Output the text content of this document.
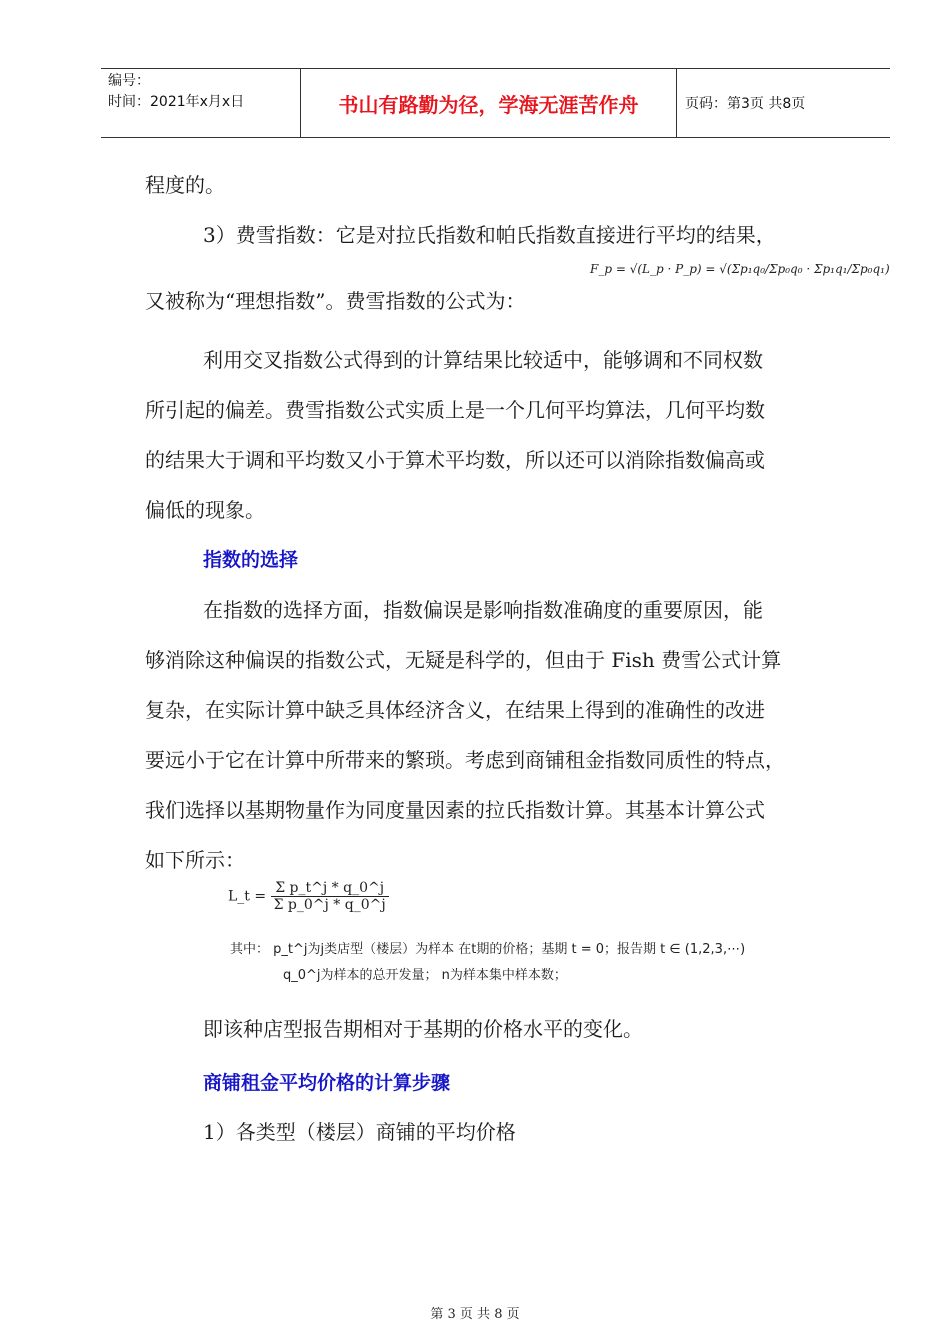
编号：
时间：2021年x月x日	书山有路勤为径，学海无涯苦作舟	页码：第3页 共8页
程度的。
3）费雪指数：它是对拉氏指数和帕氏指数直接进行平均的结果，
又被称为“理想指数”。费雪指数的公式为：
F_p = √(L_p · P_p) = √(Σp₁q₀/Σp₀q₀ · Σp₁q₁/Σp₀q₁)
利用交叉指数公式得到的计算结果比较适中，能够调和不同权数
所引起的偏差。费雪指数公式实质上是一个几何平均算法，几何平均数
的结果大于调和平均数又小于算术平均数，所以还可以消除指数偏高或
偏低的现象。
指数的选择
在指数的选择方面，指数偏误是影响指数准确度的重要原因，能
够消除这种偏误的指数公式，无疑是科学的，但由于 Fish 费雪公式计算
复杂，在实际计算中缺乏具体经济含义，在结果上得到的准确性的改进
要远小于它在计算中所带来的繁琐。考虑到商铺租金指数同质性的特点，
我们选择以基期物量作为同度量因素的拉氏指数计算。其基本计算公式
如下所示：
L_t = $\frac{\text{Σ p\_t\textasciicircum{}j * q\_0\textasciicircum{}j}}{\text{Σ p\_0\textasciicircum{}j * q\_0\textasciicircum{}j}}$
其中： p_t^j为j类店型（楼层）为样本 在t期的价格；基期 t = 0；报告期 t ∈ (1,2,3,⋯)
q_0^j为样本的总开发量； n为样本集中样本数；
即该种店型报告期相对于基期的价格水平的变化。
商铺租金平均价格的计算步骤
1）各类型（楼层）商铺的平均价格
第 3 页 共 8 页
